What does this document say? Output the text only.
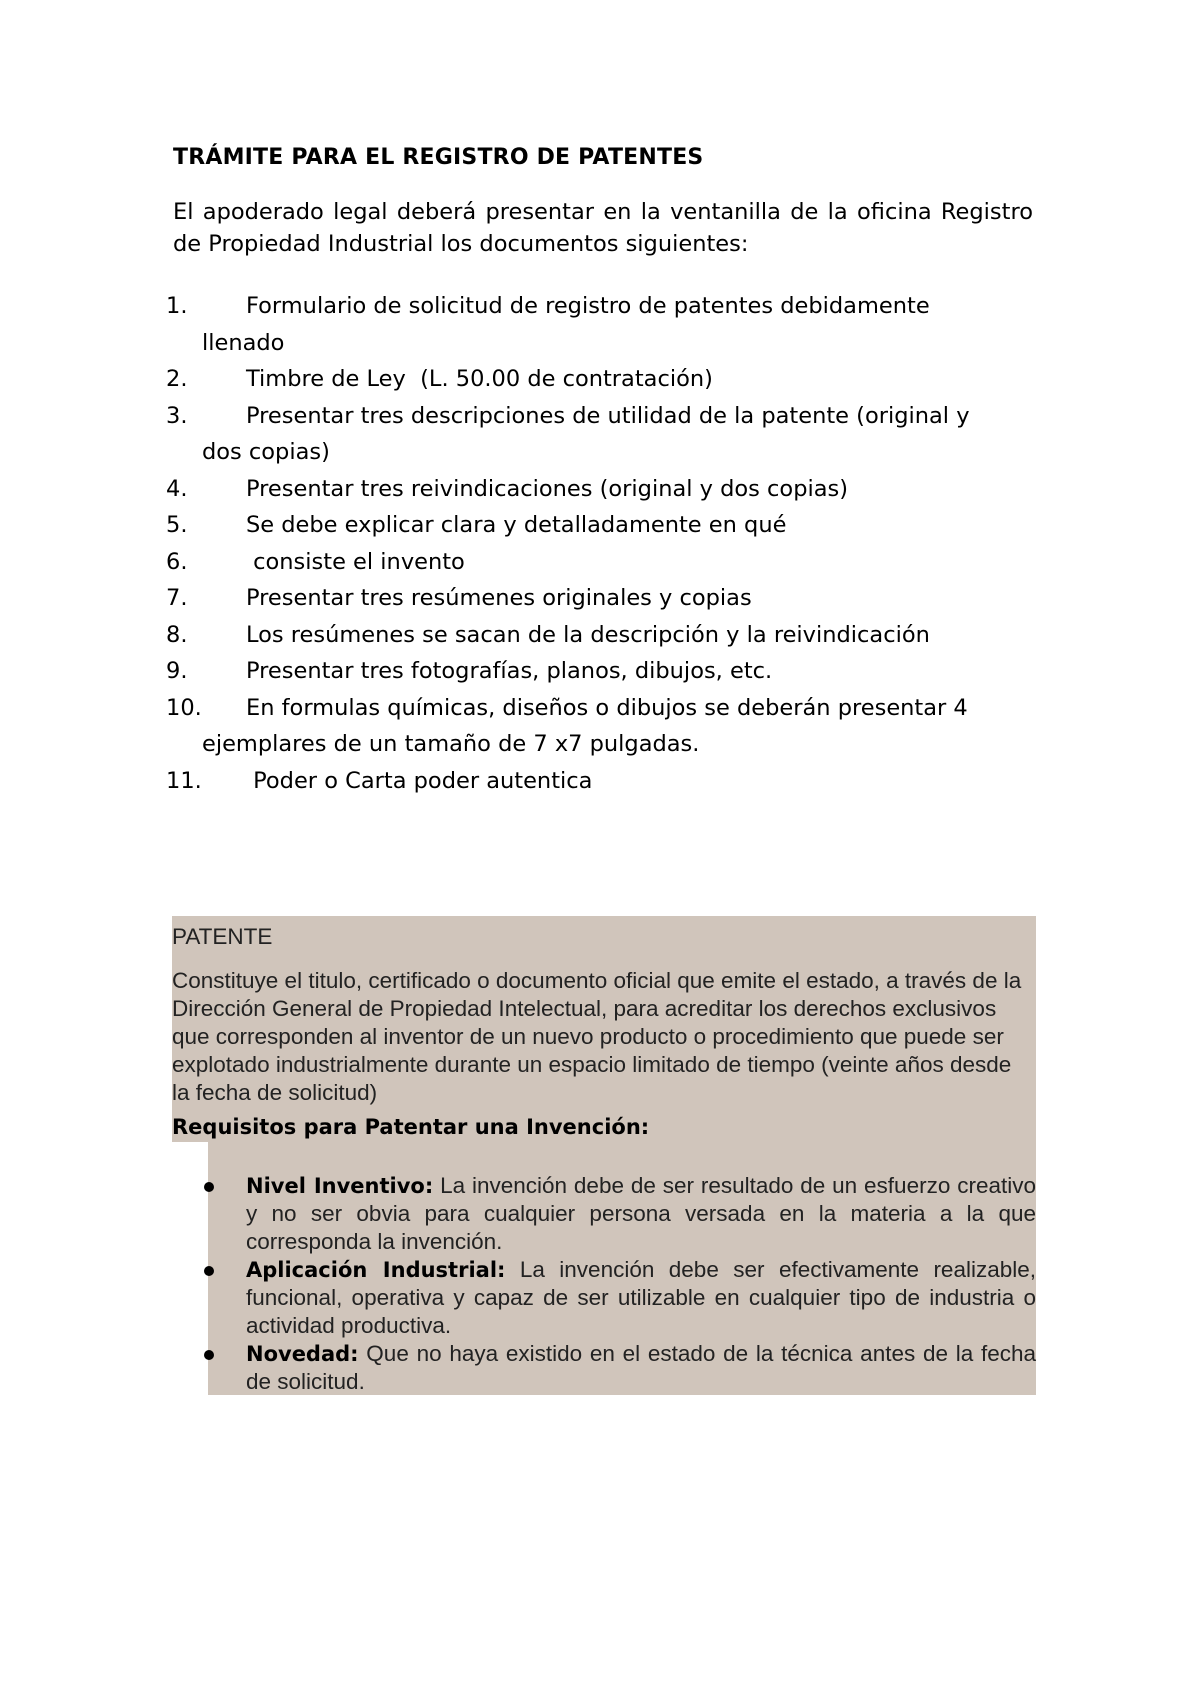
TRÁMITE PARA EL REGISTRO DE PATENTES
El apoderado legal deberá presentar en la ventanilla de la oficina Registro de Propiedad Industrial los documentos siguientes:
1.	Formulario de solicitud de registro de patentes debidamente
llenado
2.	Timbre de Ley  (L. 50.00 de contratación)
3.	Presentar tres descripciones de utilidad de la patente (original y
dos copias)
4.	Presentar tres reivindicaciones (original y dos copias)
5.	Se debe explicar clara y detalladamente en qué
6.	consiste el invento
7.	Presentar tres resúmenes originales y copias
8.	Los resúmenes se sacan de la descripción y la reivindicación
9.	Presentar tres fotografías, planos, dibujos, etc.
10. En formulas químicas, diseños o dibujos se deberán presentar 4
ejemplares de un tamaño de 7 x7 pulgadas.
11. Poder o Carta poder autentica
PATENTE
Constituye el titulo, certificado o documento oficial que emite el estado, a través de la Dirección General de Propiedad Intelectual, para acreditar los derechos exclusivos que corresponden al inventor de un nuevo producto o procedimiento que puede ser explotado industrialmente durante un espacio limitado de tiempo (veinte años desde la fecha de solicitud)
Requisitos para Patentar una Invención:
Nivel Inventivo: La invención debe de ser resultado de un esfuerzo creativo y no ser obvia para cualquier persona versada en la materia a la que corresponda la invención.
Aplicación Industrial: La invención debe ser efectivamente realizable, funcional, operativa y capaz de ser utilizable en cualquier tipo de industria o actividad productiva.
Novedad: Que no haya existido en el estado de la técnica antes de la fecha de solicitud.
